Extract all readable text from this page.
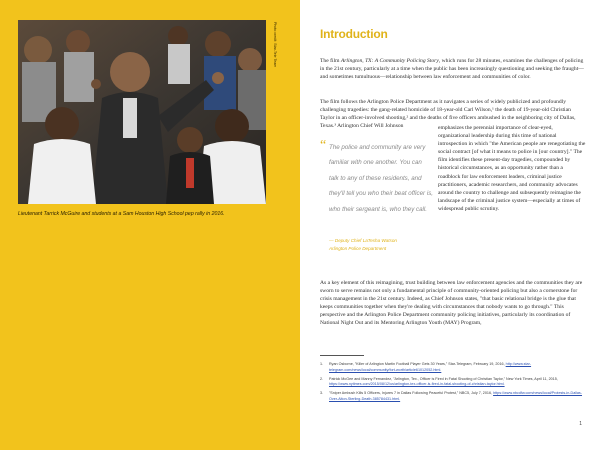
Photo credit: Star-Tele Team
Lieutenant Tarrick McGuire and students at a Sam Houston High School pep rally in 2016.
Introduction

The film Arlington, TX: A Community Policing Story, which runs for 28 minutes, examines the challenges of policing in the 21st century, particularly at a time when the public has been increasingly questioning and seeking the fraught—and sometimes tumultuous—relationship between law enforcement and communities of color.

The film follows the Arlington Police Department as it navigates a series of widely publicized and profoundly challenging tragedies: the gang-related homicide of 18-year-old Carl Wilson,¹ the death of 19-year-old Christian Taylor in an officer-involved shooting,² and the deaths of five officers ambushed in the neighboring city of Dallas, Texas.³ Arlington Chief Will Johnson

“ The police and community are very familiar with one another. You can talk to any of these residents, and they'll tell you who their beat officer is, who their sergeant is, who they call.

— Deputy Chief LaTesha Watson
Arlington Police Department

emphasizes the perennial importance of clear-eyed, organizational leadership during this time of national introspection in which "the American people are renegotiating the social contract [of what it means to police in [our country]." The film identifies these present-day tragedies, compounded by historical circumstances, as an opportunity rather than a roadblock for law enforcement leaders, criminal justice practitioners, academic researchers, and community advocates around the country to challenge and subsequently reimagine the landscape of the criminal justice system—especially at times of widespread public scrutiny.

As a key element of this reimagining, trust building between law enforcement agencies and the communities they are sworn to serve remains not only a fundamental principle of community-oriented policing but also a cornerstone for crisis management in the 21st century. Indeed, as Chief Johnson states, "that basic relational bridge is the glue that keeps communities together when they're dealing with circumstances that nobody wants to go through." This perspective and the Arlington Police Department community policing initiatives, particularly its coordination of National Night Out and its Mentoring Arlington Youth (MAY) Program,

1. Ryan Osborne, "Killer of Arlington Martin Football Player Gets 30 Years," Star-Telegram, February 19, 2016, http://www.star-telegram.com/news/local/community/fort-worth/article61012052.html.
2. Patrick McGee and Manny Fernandez, "Arlington, Tex., Officer is Fired in Fatal Shooting of Christian Taylor," New York Times, April 11, 2015, https://www.nytimes.com/2015/08/12/us/arlington-tex-officer-is-fired-in-fatal-shooting-of-christian-taylor.html.
3. "Sniper Ambush Kills 5 Officers, Injures 7 in Dallas Following Peaceful Protest," NBC5, July 7, 2016, https://www.nbcdfw.com/news/local/Protests-in-Dallas-Over-Alton-Sterling-Death-385784431.html.
1
